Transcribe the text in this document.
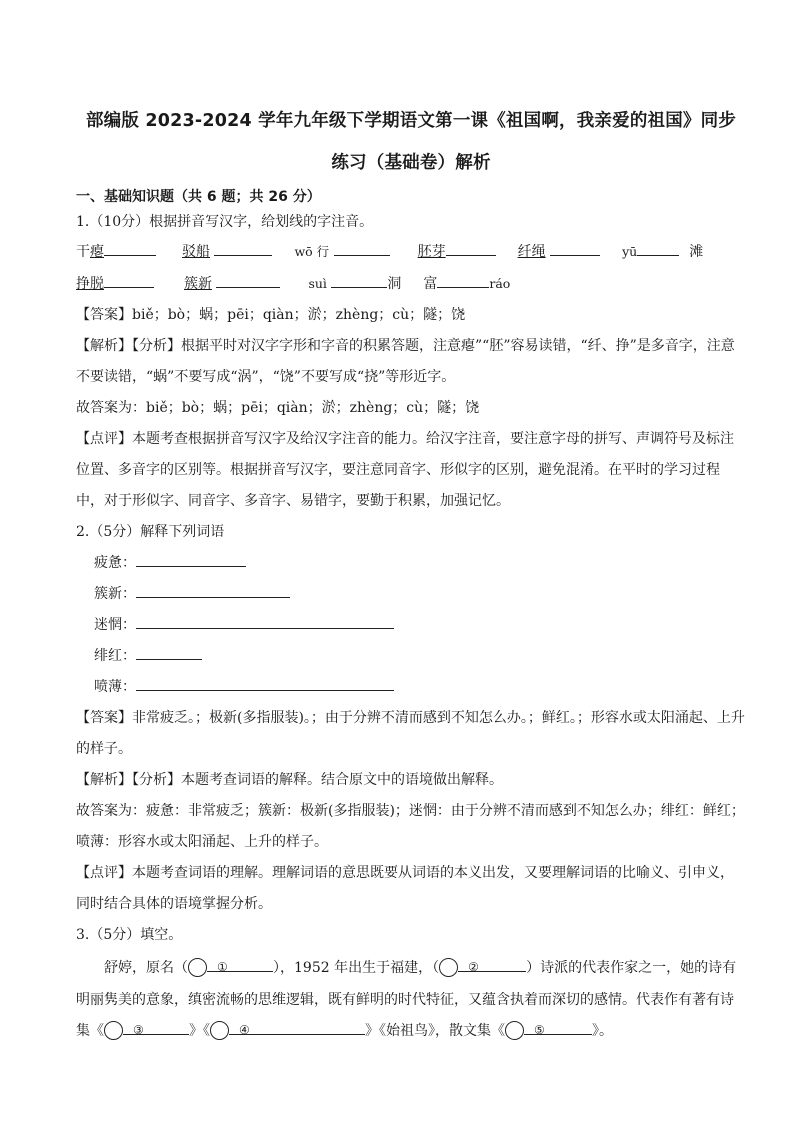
部编版 2023-2024 学年九年级下学期语文第一课《祖国啊，我亲爱的祖国》同步
练习（基础卷）解析
一、基础知识题（共 6 题；共 26 分）

1.（10分）根据拼音写汉字，给划线的字注音。

干瘪	驳船	wō 行	胚芽	纤绳	yū	滩
挣脱	簇新	suì	洞 富	ráo

【答案】biě；bò；蜗；pēi；qiàn；淤；zhèng；cù；隧；饶

【解析】【分析】根据平时对汉字字形和字音的积累答题，注意瘪”“胚”容易读错，“纤、挣”是多音字，注意不要读错，“蜗”不要写成“涡”，“饶”不要写成“挠”等形近字。

故答案为：biě；bò；蜗；pēi；qiàn；淤；zhèng；cù；隧；饶

【点评】本题考查根据拼音写汉字及给汉字注音的能力。给汉字注音，要注意字母的拼写、声调符号及标注位置、多音字的区别等。根据拼音写汉字，要注意同音字、形似字的区别，避免混淆。在平时的学习过程中，对于形似字、同音字、多音字、易错字，要勤于积累，加强记忆。

2.（5分）解释下列词语

疲惫：
簇新：
迷惘：
绯红：
喷薄：

【答案】非常疲乏。；极新(多指服装)。；由于分辨不清而感到不知怎么办。；鲜红。；形容水或太阳涌起、上升的样子。

【解析】【分析】本题考查词语的解释。结合原文中的语境做出解释。

故答案为：疲惫：非常疲乏；簇新：极新(多指服装)；迷惘：由于分辨不清而感到不知怎么办；绯红：鲜红；喷薄：形容水或太阳涌起、上升的样子。

【点评】本题考查词语的理解。理解词语的意思既要从词语的本义出发，又要理解词语的比喻义、引申义，同时结合具体的语境掌握分析。

3.（5分）填空。

舒婷，原名（ ①	），1952 年出生于福建，（ ②	）诗派的代表作家之一，她的诗有明丽隽美的意象，缜密流畅的思维逻辑，既有鲜明的时代特征，又蕴含执着而深切的感情。代表作有著有诗集《 ③	》《 ④	》《始祖鸟》，散文集《 ⑤	》。
